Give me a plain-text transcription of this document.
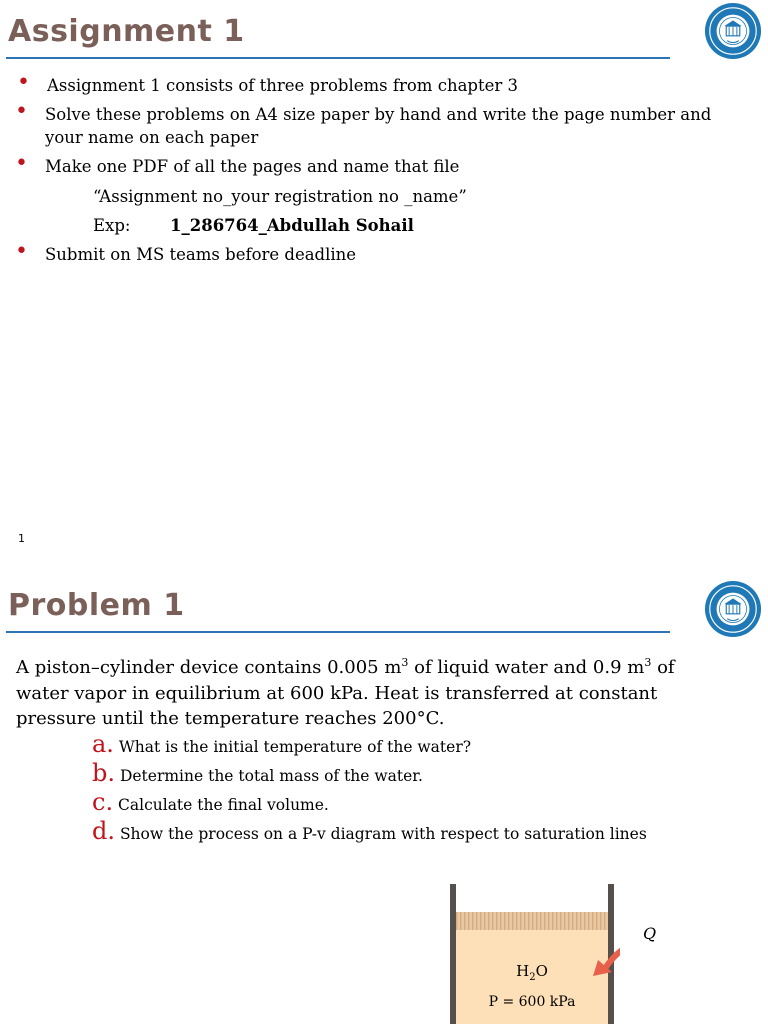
Assignment 1
• Assignment 1 consists of three problems from chapter 3
• Solve these problems on A4 size paper by hand and write the page number and
your name on each paper
• Make one PDF of all the pages and name that file
“Assignment no_your registration no _name”
Exp: 1_286764_Abdullah Sohail
• Submit on MS teams before deadline
1
Problem 1
A piston–cylinder device contains 0.005 $m^3$ of liquid water and 0.9 $m^3$ of water vapor in equilibrium at 600 kPa. Heat is transferred at constant pressure until the temperature reaches 200°C.
a. What is the initial temperature of the water?
b. Determine the total mass of the water.
c. Calculate the final volume.
d. Show the process on a P-v diagram with respect to saturation lines
$H_2O$
P = 600 kPa
Q
